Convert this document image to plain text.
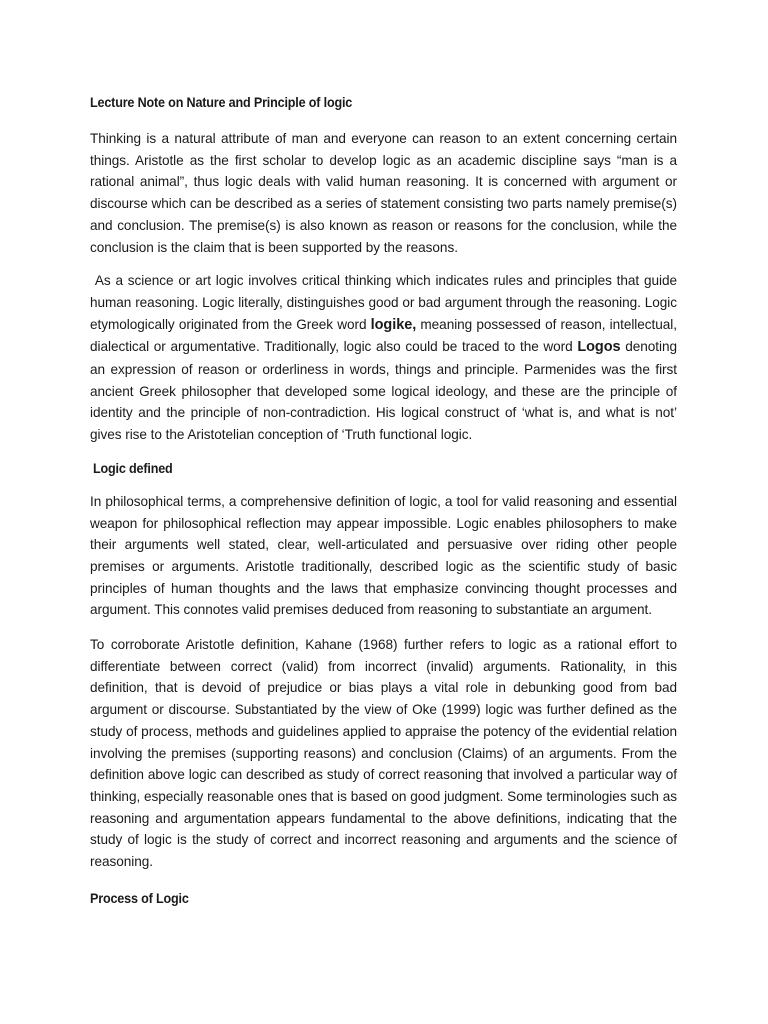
Lecture Note on Nature and Principle of logic

Thinking is a natural attribute of man and everyone can reason to an extent concerning certain things. Aristotle as the first scholar to develop logic as an academic discipline says “man is a rational animal”, thus logic deals with valid human reasoning. It is concerned with argument or discourse which can be described as a series of statement consisting two parts namely premise(s) and conclusion. The premise(s) is also known as reason or reasons for the conclusion, while the conclusion is the claim that is been supported by the reasons.

As a science or art logic involves critical thinking which indicates rules and principles that guide human reasoning. Logic literally, distinguishes good or bad argument through the reasoning. Logic etymologically originated from the Greek word logike, meaning possessed of reason, intellectual, dialectical or argumentative. Traditionally, logic also could be traced to the word Logos denoting an expression of reason or orderliness in words, things and principle. Parmenides was the first ancient Greek philosopher that developed some logical ideology, and these are the principle of identity and the principle of non-contradiction. His logical construct of ‘what is, and what is not’ gives rise to the Aristotelian conception of ‘Truth functional logic.

Logic defined

In philosophical terms, a comprehensive definition of logic, a tool for valid reasoning and essential weapon for philosophical reflection may appear impossible. Logic enables philosophers to make their arguments well stated, clear, well-articulated and persuasive over riding other people premises or arguments. Aristotle traditionally, described logic as the scientific study of basic principles of human thoughts and the laws that emphasize convincing thought processes and argument. This connotes valid premises deduced from reasoning to substantiate an argument.

To corroborate Aristotle definition, Kahane (1968) further refers to logic as a rational effort to differentiate between correct (valid) from incorrect (invalid) arguments. Rationality, in this definition, that is devoid of prejudice or bias plays a vital role in debunking good from bad argument or discourse. Substantiated by the view of Oke (1999) logic was further defined as the study of process, methods and guidelines applied to appraise the potency of the evidential relation involving the premises (supporting reasons) and conclusion (Claims) of an arguments. From the definition above logic can described as study of correct reasoning that involved a particular way of thinking, especially reasonable ones that is based on good judgment. Some terminologies such as reasoning and argumentation appears fundamental to the above definitions, indicating that the study of logic is the study of correct and incorrect reasoning and arguments and the science of reasoning.

Process of Logic
